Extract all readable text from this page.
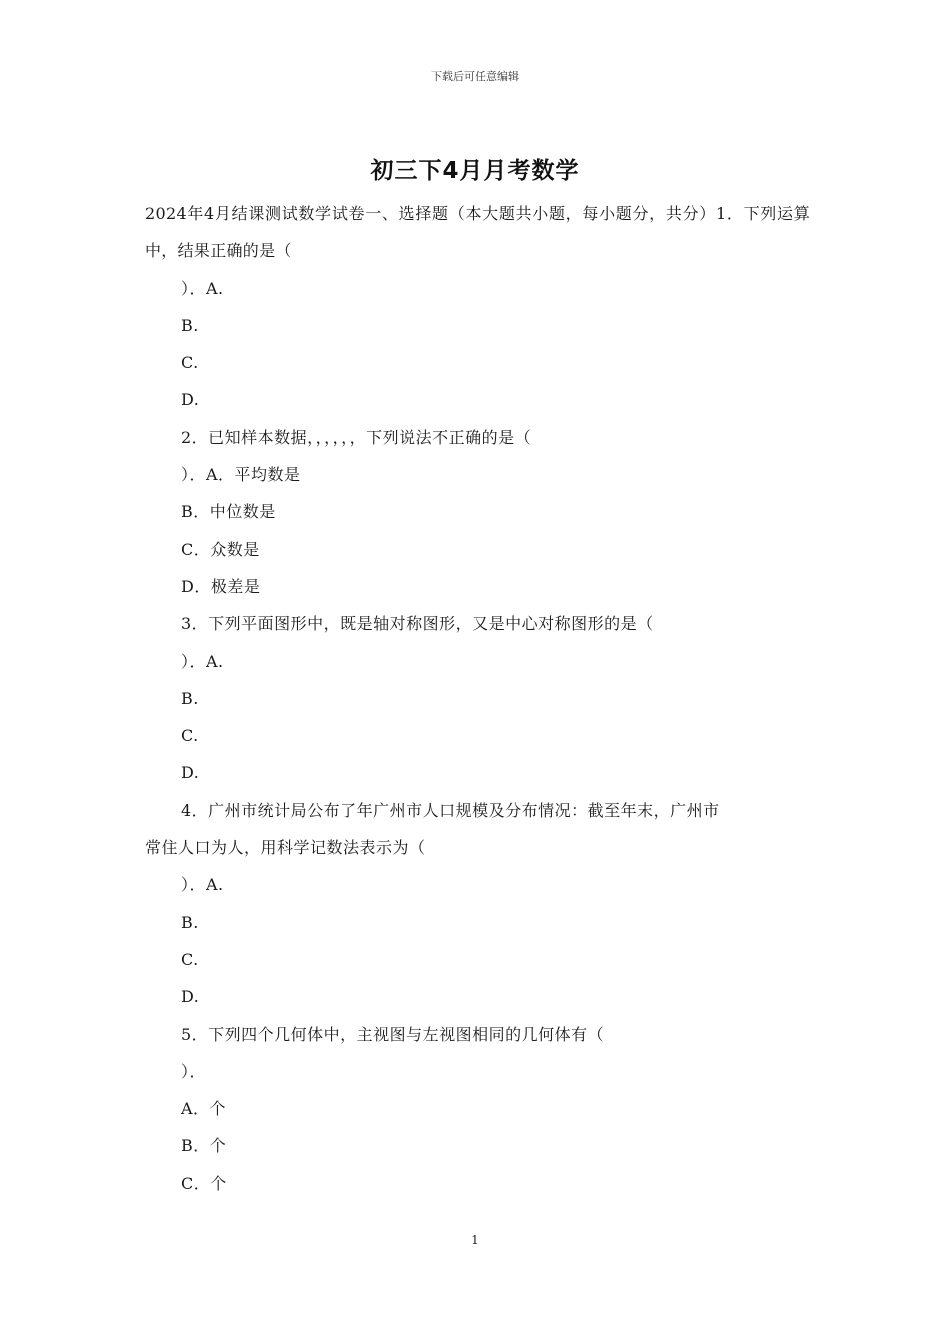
下载后可任意编辑
初三下4月月考数学
2024年4月结课测试数学试卷一、选择题（本大题共小题，每小题分，共分）1．下列运算中，结果正确的是（
）．A.
B.
C.
D.
2．已知样本数据，，，，，，下列说法不正确的是（
）．A．平均数是
B．中位数是
C．众数是
D．极差是
3．下列平面图形中，既是轴对称图形，又是中心对称图形的是（
）．A.
B.
C.
D.
4．广州市统计局公布了年广州市人口规模及分布情况：截至年末，广州市
常住人口为人，用科学记数法表示为（
）．A.
B.
C.
D.
5．下列四个几何体中，主视图与左视图相同的几何体有（
）．
A．个
B．个
C．个
1
